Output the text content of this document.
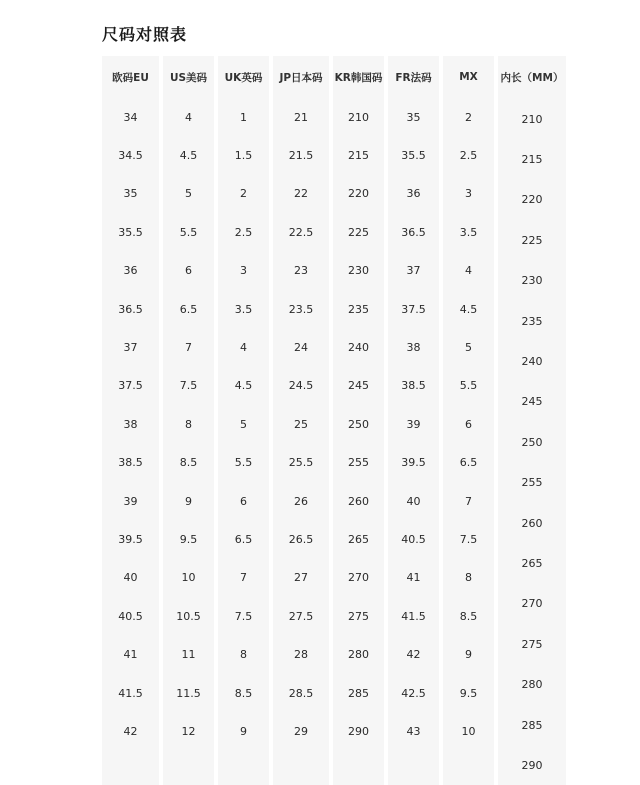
尺码对照表
欧码EU
34
34.5
35
35.5
36
36.5
37
37.5
38
38.5
39
39.5
40
40.5
41
41.5
42
US美码
4
4.5
5
5.5
6
6.5
7
7.5
8
8.5
9
9.5
10
10.5
11
11.5
12
UK英码
1
1.5
2
2.5
3
3.5
4
4.5
5
5.5
6
6.5
7
7.5
8
8.5
9
JP日本码
21
21.5
22
22.5
23
23.5
24
24.5
25
25.5
26
26.5
27
27.5
28
28.5
29
KR韩国码
210
215
220
225
230
235
240
245
250
255
260
265
270
275
280
285
290
FR法码
35
35.5
36
36.5
37
37.5
38
38.5
39
39.5
40
40.5
41
41.5
42
42.5
43
MX
2
2.5
3
3.5
4
4.5
5
5.5
6
6.5
7
7.5
8
8.5
9
9.5
10
内长（MM）
210
215
220
225
230
235
240
245
250
255
260
265
270
275
280
285
290
